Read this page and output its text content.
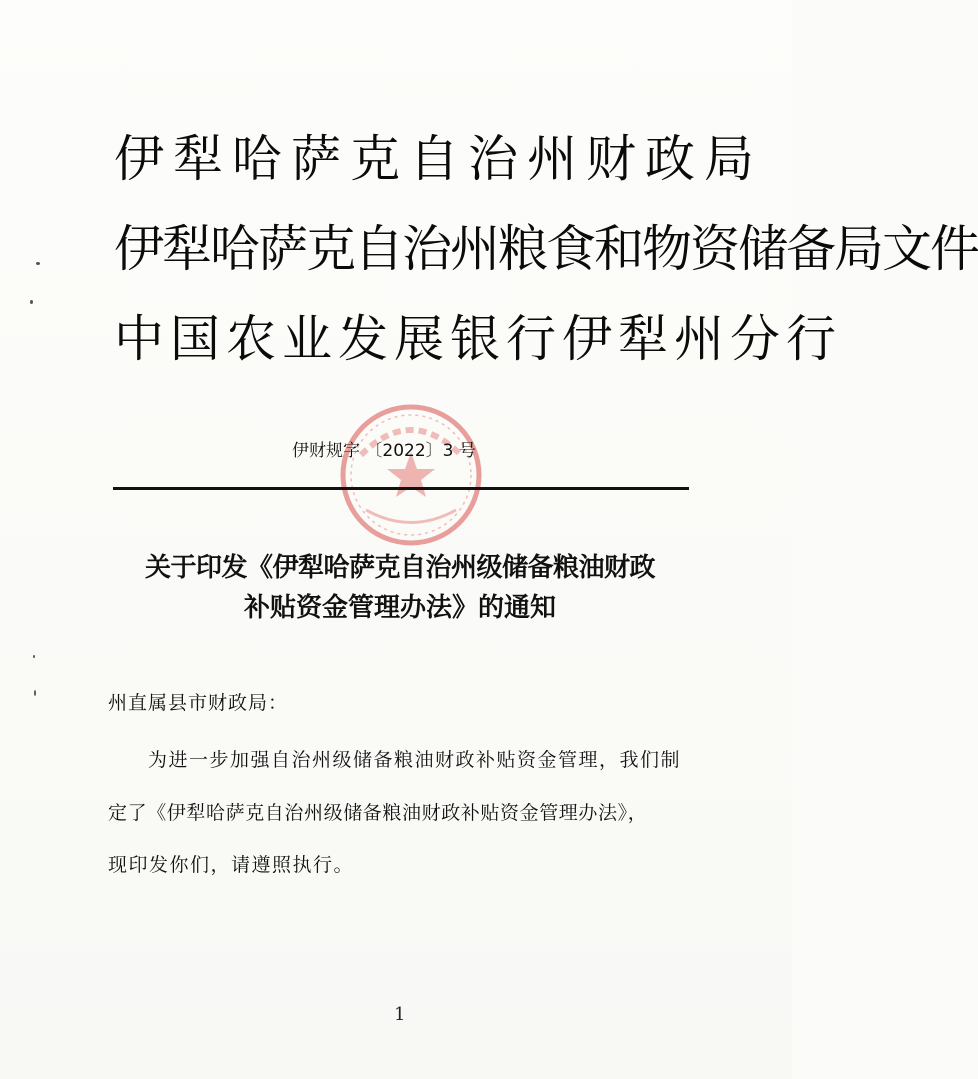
伊犁哈萨克自治州财政局
伊犁哈萨克自治州粮食和物资储备局文件
中国农业发展银行伊犁州分行
伊财规字 〔2022〕3 号
关于印发《伊犁哈萨克自治州级储备粮油财政
补贴资金管理办法》的通知
州直属县市财政局：
为进一步加强自治州级储备粮油财政补贴资金管理，我们制
定了《伊犁哈萨克自治州级储备粮油财政补贴资金管理办法》，
现印发你们，请遵照执行。
1
